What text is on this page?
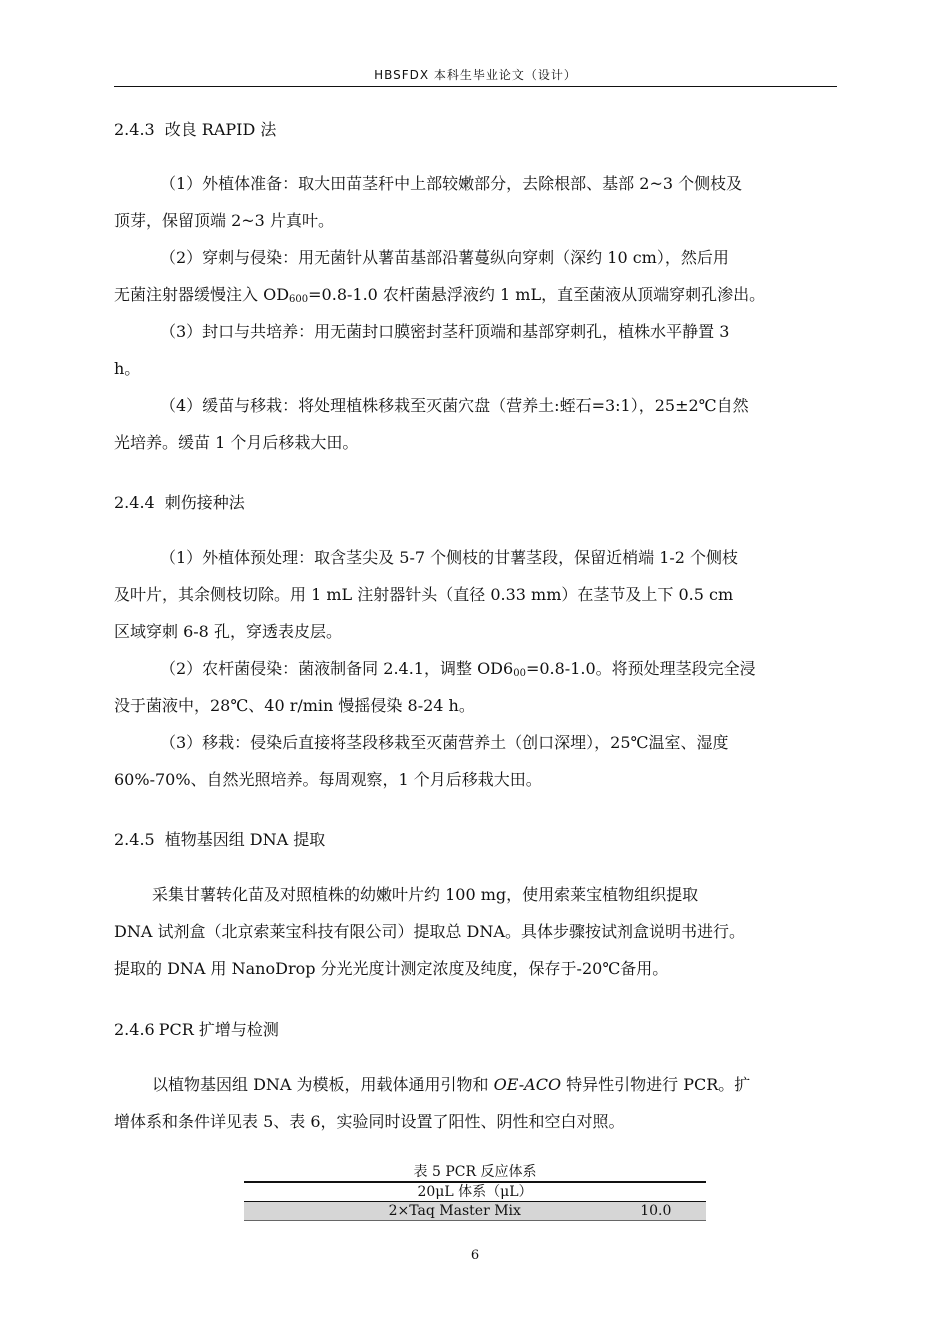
HBSFDX 本科生毕业论文（设计）
2.4.3 改良 RAPID 法
（1）外植体准备：取大田苗茎秆中上部较嫩部分，去除根部、基部 2~3 个侧枝及
顶芽，保留顶端 2~3 片真叶。
（2）穿刺与侵染：用无菌针从薯苗基部沿薯蔓纵向穿刺（深约 10 cm），然后用
无菌注射器缓慢注入 $OD_{600}=0.8-1.0$ 农杆菌悬浮液约 1 mL，直至菌液从顶端穿刺孔渗出。
（3）封口与共培养：用无菌封口膜密封茎秆顶端和基部穿刺孔，植株水平静置 3
h。
（4）缓苗与移栽：将处理植株移栽至灭菌穴盘（营养土:蛭石=3:1），25±2℃自然
光培养。缓苗 1 个月后移栽大田。
2.4.4 刺伤接种法
（1）外植体预处理：取含茎尖及 5-7 个侧枝的甘薯茎段，保留近梢端 1-2 个侧枝
及叶片，其余侧枝切除。用 1 mL 注射器针头（直径 0.33 mm）在茎节及上下 0.5 cm
区域穿刺 6-8 孔，穿透表皮层。
（2）农杆菌侵染：菌液制备同 2.4.1，调整 $OD6_{00}=0.8-1.0$。将预处理茎段完全浸
没于菌液中，28℃、40 r/min 慢摇侵染 8-24 h。
（3）移栽：侵染后直接将茎段移栽至灭菌营养土（创口深埋），25℃温室、湿度
60%-70%、自然光照培养。每周观察，1 个月后移栽大田。
2.4.5 植物基因组 DNA 提取
采集甘薯转化苗及对照植株的幼嫩叶片约 100 mg，使用索莱宝植物组织提取
DNA 试剂盒（北京索莱宝科技有限公司）提取总 DNA。具体步骤按试剂盒说明书进行。
提取的 DNA 用 NanoDrop 分光光度计测定浓度及纯度，保存于-20℃备用。
2.4.6 PCR 扩增与检测
以植物基因组 DNA 为模板，用载体通用引物和 OE-ACO 特异性引物进行 PCR。扩
增体系和条件详见表 5、表 6，实验同时设置了阳性、阴性和空白对照。
表 5 PCR 反应体系
20μL 体系（μL）
2×Taq Master Mix	10.0
6
